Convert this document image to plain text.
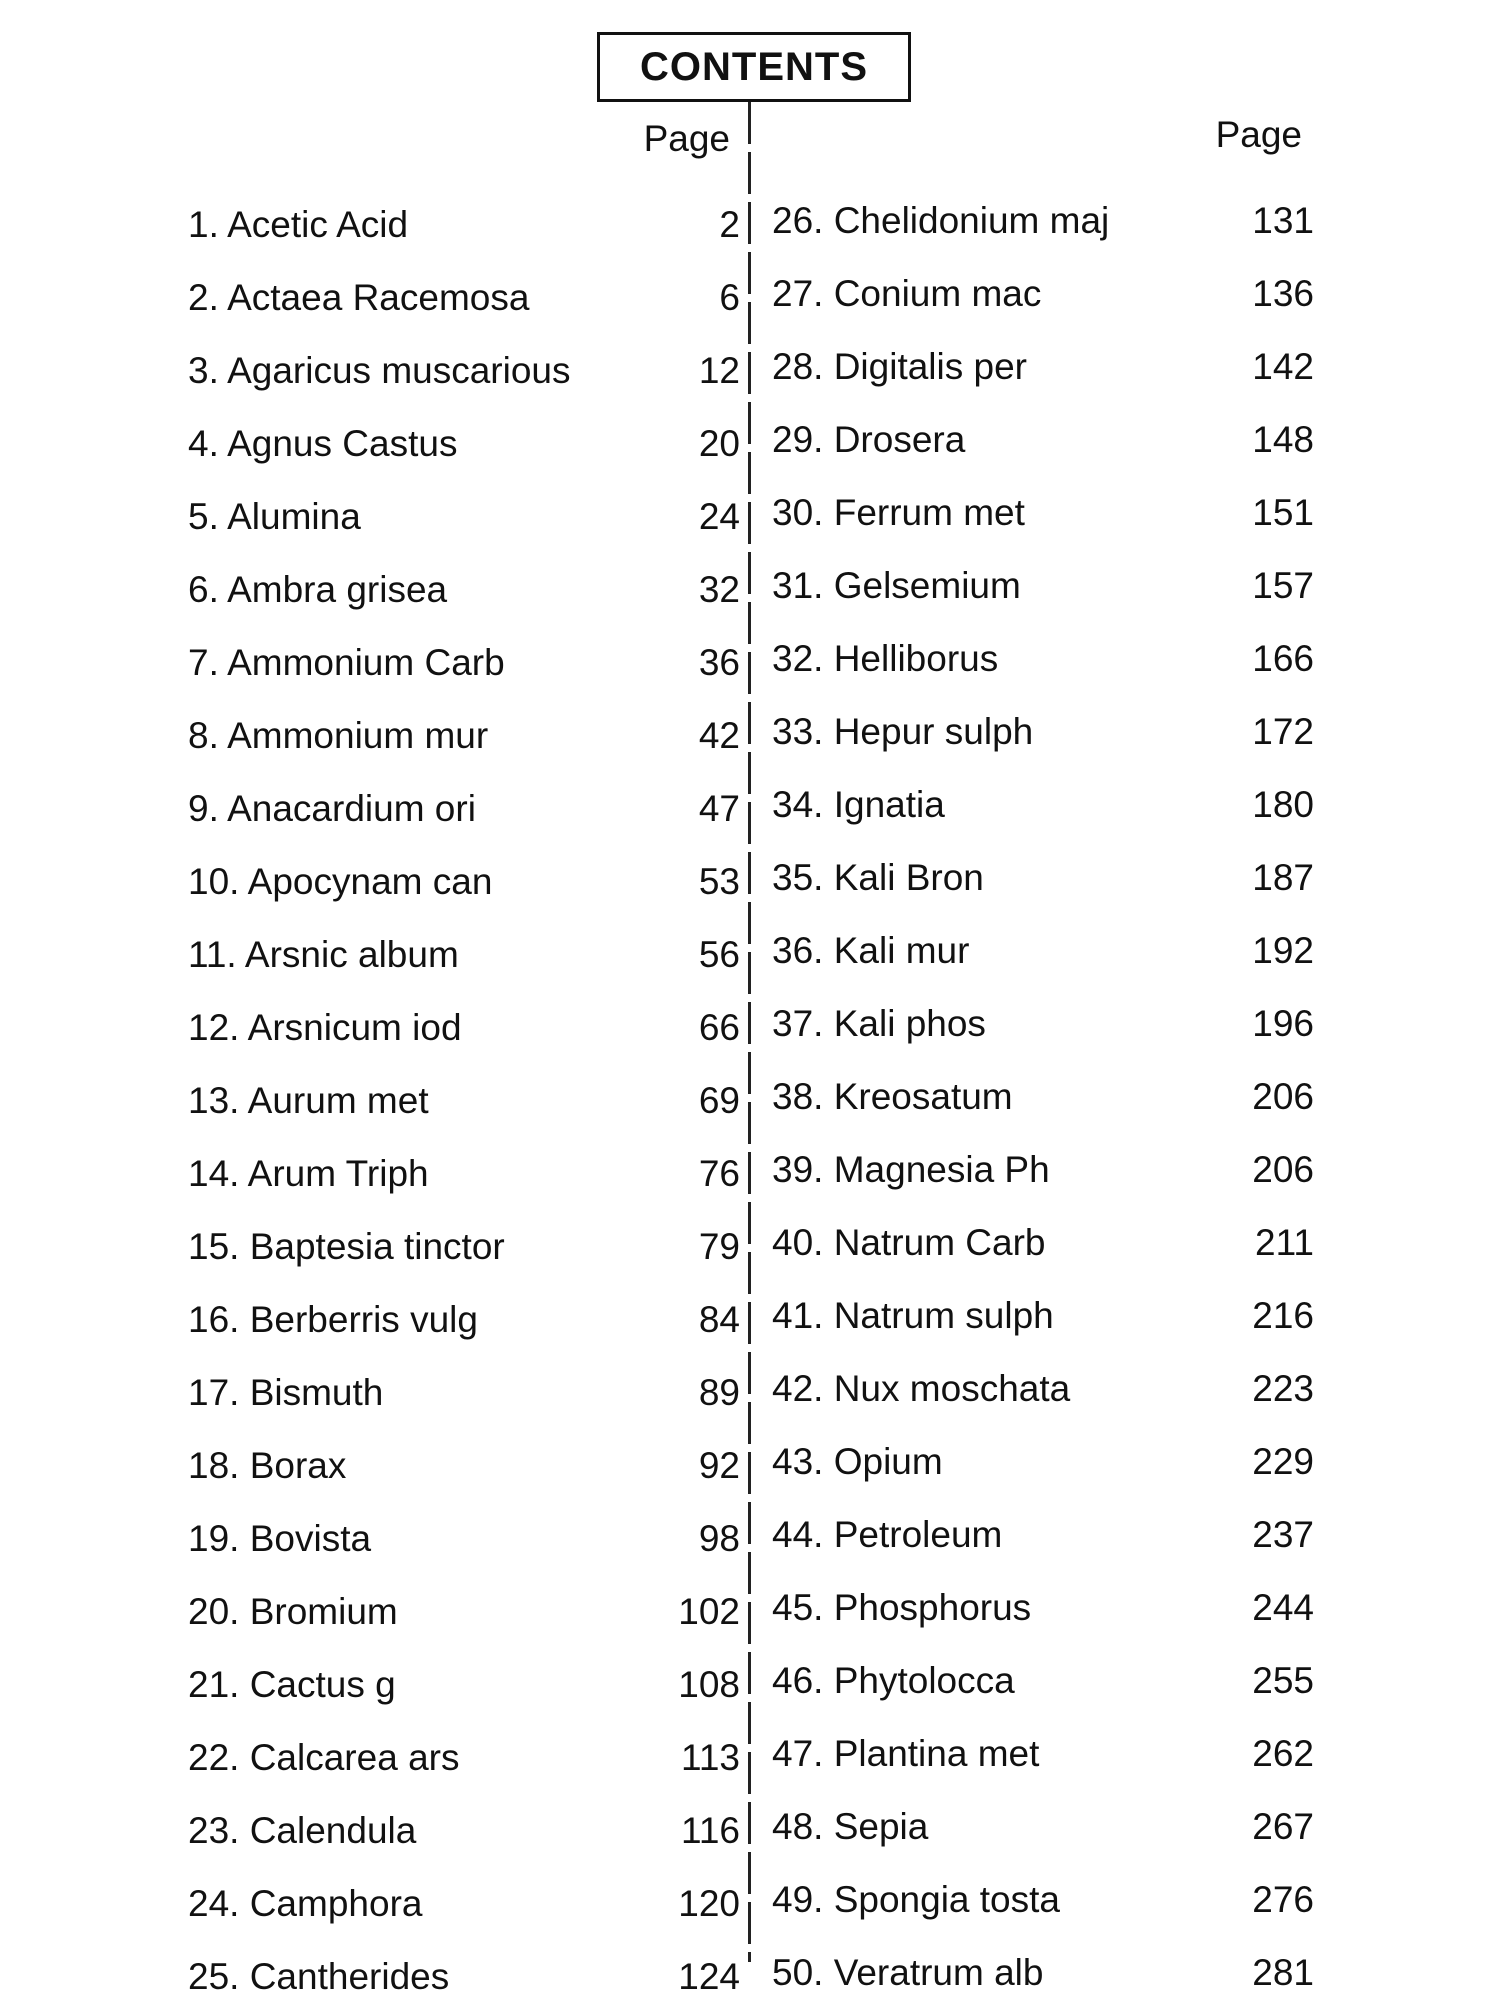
CONTENTS
Page	Page
1. Acetic Acid	2
2. Actaea Racemosa	6
3. Agaricus muscarious	12
4. Agnus Castus	20
5. Alumina	24
6. Ambra grisea	32
7. Ammonium Carb	36
8. Ammonium mur	42
9. Anacardium ori	47
10. Apocynam can	53
11. Arsnic album	56
12. Arsnicum iod	66
13. Aurum met	69
14. Arum Triph	76
15. Baptesia tinctor	79
16. Berberris vulg	84
17. Bismuth	89
18. Borax	92
19. Bovista	98
20. Bromium	102
21. Cactus g	108
22. Calcarea ars	113
23. Calendula	116
24. Camphora	120
25. Cantherides	124
26. Chelidonium maj	131
27. Conium mac	136
28. Digitalis per	142
29. Drosera	148
30. Ferrum met	151
31. Gelsemium	157
32. Helliborus	166
33. Hepur sulph	172
34. Ignatia	180
35. Kali Bron	187
36. Kali mur	192
37. Kali phos	196
38. Kreosatum	206
39. Magnesia Ph	206
40. Natrum Carb	211
41. Natrum sulph	216
42. Nux moschata	223
43. Opium	229
44. Petroleum	237
45. Phosphorus	244
46. Phytolocca	255
47. Plantina met	262
48. Sepia	267
49. Spongia tosta	276
50. Veratrum alb	281
